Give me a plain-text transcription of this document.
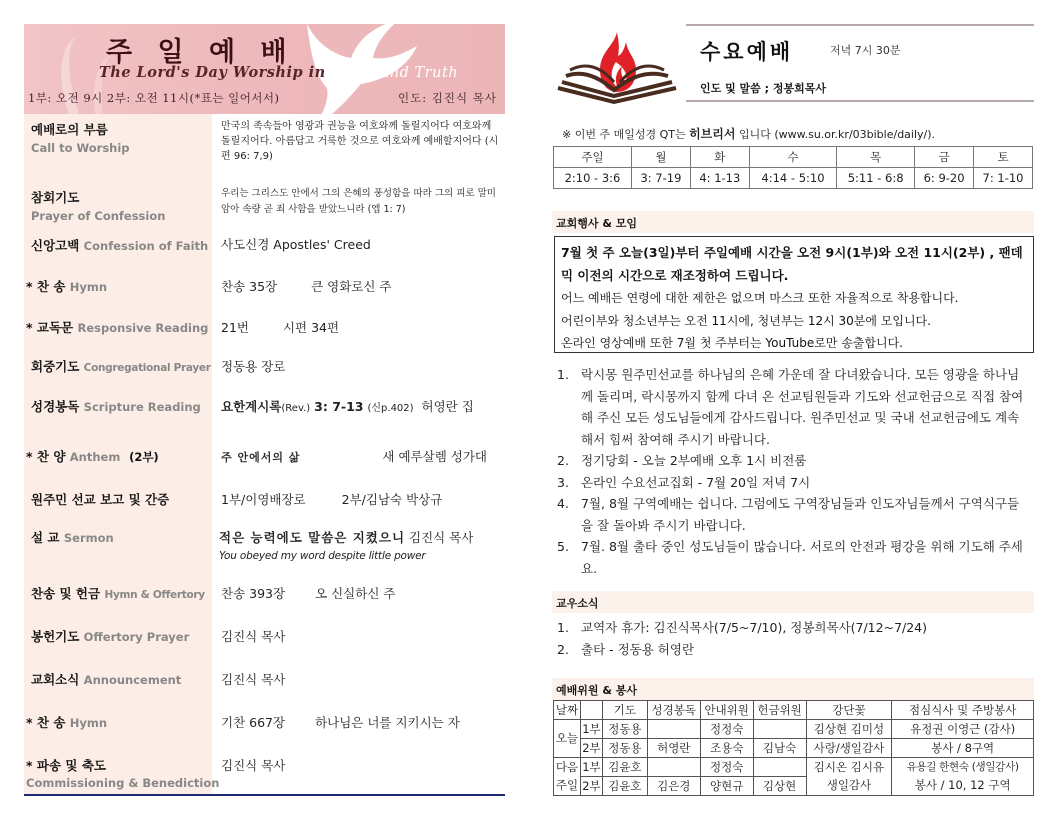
주 일 예 배
The Lord's Day Worship in Spirit and Truth
1부: 오전 9시 2부: 오전 11시(*표는 일어서서)	인도: 김진식 목사
예배로의 부름
Call to Worship
만국의 족속들아 영광과 권능을 여호와께 돌릴지어다 여호와께 돌릴지어다. 아름답고 거룩한 것으로 여호와께 예배할지어다 (시편 96: 7,9)
참회기도
Prayer of Confession
우리는 그리스도 안에서 그의 은혜의 풍성함을 따라 그의 피로 말미암아 속량 곧 죄 사함을 받았느니라 (엡 1: 7)
신앙고백 Confession of Faith	사도신경 Apostles' Creed
* 찬 송 Hymn	찬송 35장	큰 영화로신 주
* 교독문 Responsive Reading 21번	시편 34편
회중기도 Congregational Prayer 정동용 장로
성경봉독 Scripture Reading	요한계시록(Rev.) 3: 7-13 (신p.402) 허영란 집
* 찬 양 Anthem (2부)	주 안에서의 삶	새 예루살렘 성가대
원주민 선교 보고 및 간증	1부/이영배장로	2부/김남숙 박상규
설 교 Sermon	적은 능력에도 말씀은 지켰으니 김진식 목사
You obeyed my word despite little power
찬송 및 헌금 Hymn & Offertory	찬송 393장 오 신실하신 주
봉헌기도 Offertory Prayer	김진식 목사
교회소식 Announcement	김진식 목사
* 찬 송 Hymn	기찬 667장 하나님은 너를 지키시는 자
* 파송 및 축도
Commissioning & Benediction
김진식 목사
수요예배	저녁 7시 30분
인도 및 말씀 ; 정봉희목사
※ 이번 주 매일성경 QT는 히브리서 입니다 (www.su.or.kr/03bible/daily/).
주일	월	화	수	목	금	토
2:10 - 3:6	3: 7-19	4: 1-13	4:14 - 5:10	5:11 - 6:8	6: 9-20	7: 1-10
교회행사 & 모임
7월 첫 주 오늘(3일)부터 주일예배 시간을 오전 9시(1부)와 오전 11시(2부) , 팬데믹 이전의 시간으로 재조정하여 드립니다.
어느 예배든 연령에 대한 제한은 없으며 마스크 또한 자율적으로 착용합니다.
어린이부와 청소년부는 오전 11시에, 청년부는 12시 30분에 모입니다.
온라인 영상예배 또한 7월 첫 주부터는 YouTube로만 송출합니다.
1. 락시몽 원주민선교를 하나님의 은혜 가운데 잘 다녀왔습니다. 모든 영광을 하나님께 돌리며, 락시몽까지 함께 다녀 온 선교팀원들과 기도와 선교헌금으로 직접 참여해 주신 모든 성도님들에게 감사드립니다. 원주민선교 및 국내 선교헌금에도 계속해서 힘써 참여해 주시기 바랍니다.
2. 정기당회 - 오늘 2부예배 오후 1시 비전룸
3. 온라인 수요선교집회 - 7월 20일 저녁 7시
4. 7월, 8월 구역예배는 쉽니다. 그럼에도 구역장님들과 인도자님들께서 구역식구들을 잘 돌아봐 주시기 바랍니다.
5. 7월. 8월 출타 중인 성도님들이 많습니다. 서로의 안전과 평강을 위해 기도해 주세요.
교우소식
1. 교역자 휴가: 김진식목사(7/5~7/10), 정봉희목사(7/12~7/24)
2. 출타 - 정동용 허영란
예배위원 & 봉사
날짜		기도	성경봉독	안내위원	헌금위원	강단꽃	점심식사 및 주방봉사
오늘	1부	정동용		정정숙		김상현 김미성	유정권 이영근 (감사)
	2부	정동용	허영란	조용숙	김남숙	사랑/생일감사	봉사 / 8구역
다음	1부	김윤호		정정숙		김시온 김시유	유용길 한현숙 (생일감사)
주일	2부	김윤호	김은경	양현규	김상현	생일감사	봉사 / 10, 12 구역
